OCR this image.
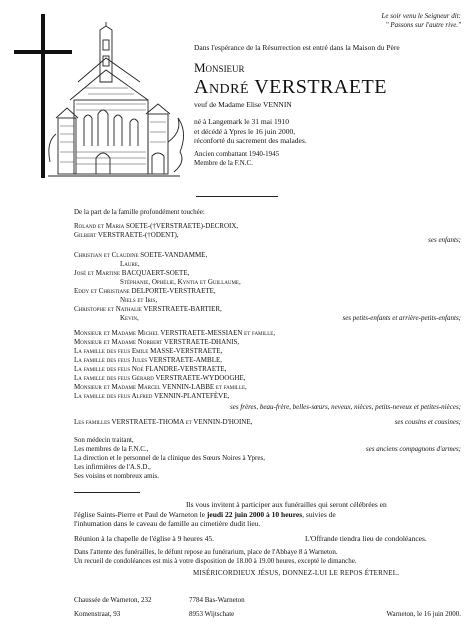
Le soir venu le Seigneur dit:
" Passons sur l'autre rive."
Dans l'espérance de la Résurrection est entré dans la Maison du Père
Monsieur
André VERSTRAETE
veuf de Madame Elise VENNIN
né à Langemark le 31 mai 1910
et décédé à Ypres le 16 juin 2000,
réconforté du sacrement des malades.
Ancien combattant 1940-1945
Membre de la F.N.C.
De la part de la famille profondément touchée:
Roland et Maria SOETE-(†VERSTRAETE)-DECROIX,
Gilbert VERSTRAETE-(†ODENT),
ses enfants;
Christian et Claudine SOETE-VANDAMME,
Laure,
José et Martine BACQUAERT-SOETE,
Stéphanie, Ophélie, Kyntia et Guillaume,
Eddy et Christiane DELPORTE-VERSTRAETE,
Niels et Iris,
Christophe et Nathalie VERSTRAETE-BARTIER,
Kevin,	ses petits-enfants et arrière-petits-enfants;
Monsieur et Madame Michel VERSTRAETE-MESSIAEN et famille,
Monsieur et Madame Norbert VERSTRAETE-DHANIS,
La famille des feus Emile MASSE-VERSTRAETE,
La famille des feus Jules VERSTRAETE-AMBLE,
La famille des feus Noé FLANDRE-VERSTRAETE,
La famille des feus Gérard VERSTRAETE-WYDOOGHE,
Monsieur et Madame Marcel VENNIN-LABBE et famille,
La famille des feus Alfred VENNIN-PLANTEFÈVE,
ses frères, beau-frère, belles-sœurs, neveux, nièces, petits-neveux et petites-nièces;
Les familles VERSTRAETE-THOMA et VENNIN-D'HOINE,	ses cousins et cousines;
Son médecin traitant,
Les membres de la F.N.C.,
La direction et le personnel de la clinique des Sœurs Noires à Ypres,
Les infirmières de l'A.S.D.,
Ses voisins et nombreux amis.
ses anciens compagnons d'armes;
Ils vous invitent à participer aux funérailles qui seront célébrées en
l'église Saints-Pierre et Paul de Warneton le jeudi 22 juin 2000 à 10 heures, suivies de
l'inhumation dans le caveau de famille au cimetière dudit lieu.
Réunion à la chapelle de l'église à 9 heures 45.	L'Offrande tiendra lieu de condoléances.
Dans l'attente des funérailles, le défunt repose au funérarium, place de l'Abbaye 8 à Warneton.
Un recueil de condoléances est mis à votre disposition de 18.00 à 19.00 heures, excepté le dimanche.
MISÉRICORDIEUX JÉSUS, DONNEZ-LUI LE REPOS ÉTERNEL.
Chaussée de Warneton, 232	7784 Bas-Warneton
Komenstraat, 93	8953 Wijtschate	Warneton, le 16 juin 2000.
